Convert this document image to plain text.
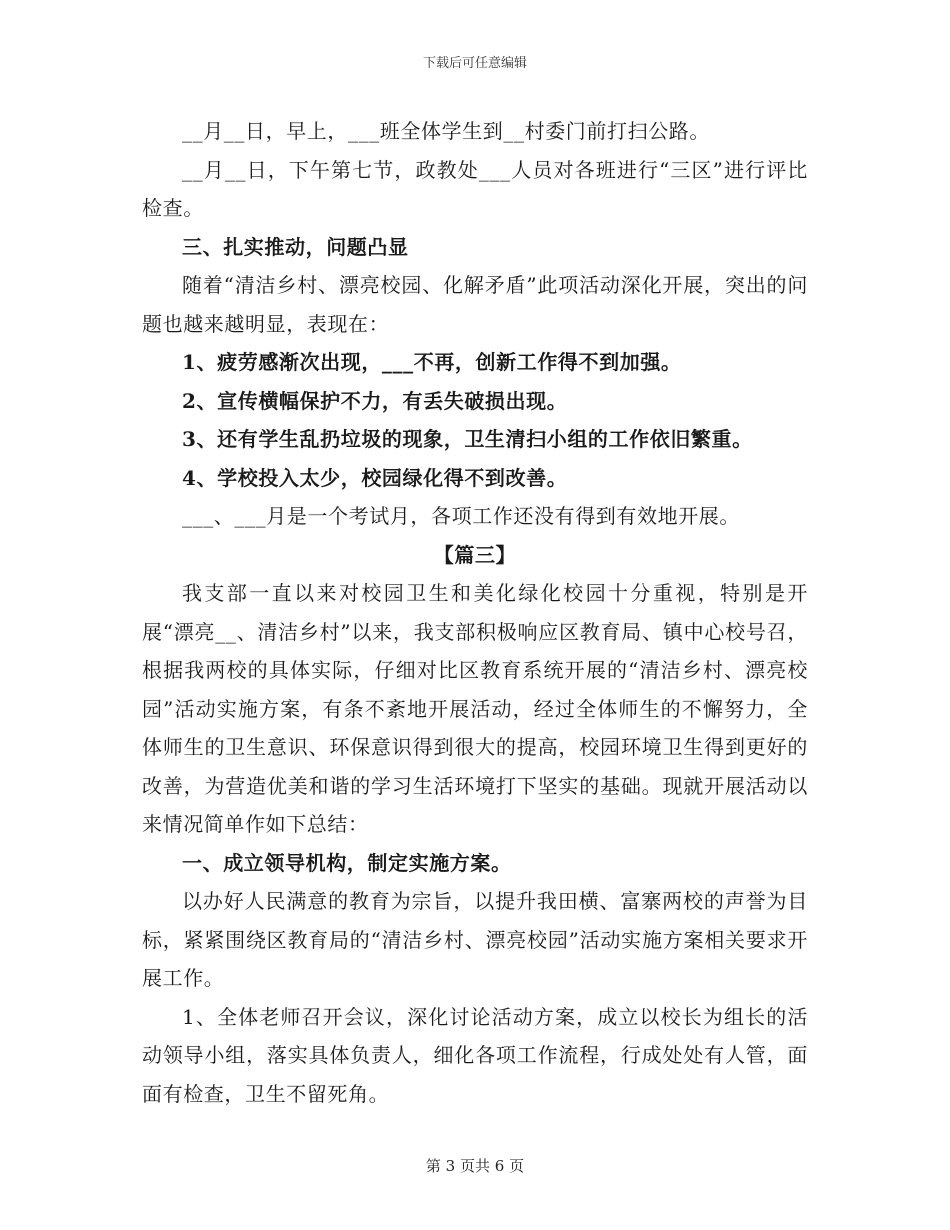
下载后可任意编辑

__月__日，早上，___班全体学生到__村委门前打扫公路。

__月__日，下午第七节，政教处___人员对各班进行“三区”进行评比检查。

三、扎实推动，问题凸显

随着“清洁乡村、漂亮校园、化解矛盾”此项活动深化开展，突出的问题也越来越明显，表现在：

1、疲劳感渐次出现，___不再，创新工作得不到加强。

2、宣传横幅保护不力，有丢失破损出现。

3、还有学生乱扔垃圾的现象，卫生清扫小组的工作依旧繁重。

4、学校投入太少，校园绿化得不到改善。

___、___月是一个考试月，各项工作还没有得到有效地开展。

【篇三】

我支部一直以来对校园卫生和美化绿化校园十分重视，特别是开展“漂亮__、清洁乡村”以来，我支部积极响应区教育局、镇中心校号召，根据我两校的具体实际，仔细对比区教育系统开展的“清洁乡村、漂亮校园”活动实施方案，有条不紊地开展活动，经过全体师生的不懈努力，全体师生的卫生意识、环保意识得到很大的提高，校园环境卫生得到更好的改善，为营造优美和谐的学习生活环境打下坚实的基础。现就开展活动以来情况简单作如下总结：

一、成立领导机构，制定实施方案。

以办好人民满意的教育为宗旨，以提升我田横、富寨两校的声誉为目标，紧紧围绕区教育局的“清洁乡村、漂亮校园”活动实施方案相关要求开展工作。

1、全体老师召开会议，深化讨论活动方案，成立以校长为组长的活动领导小组，落实具体负责人，细化各项工作流程，行成处处有人管，面面有检查，卫生不留死角。

第 3 页共 6 页
